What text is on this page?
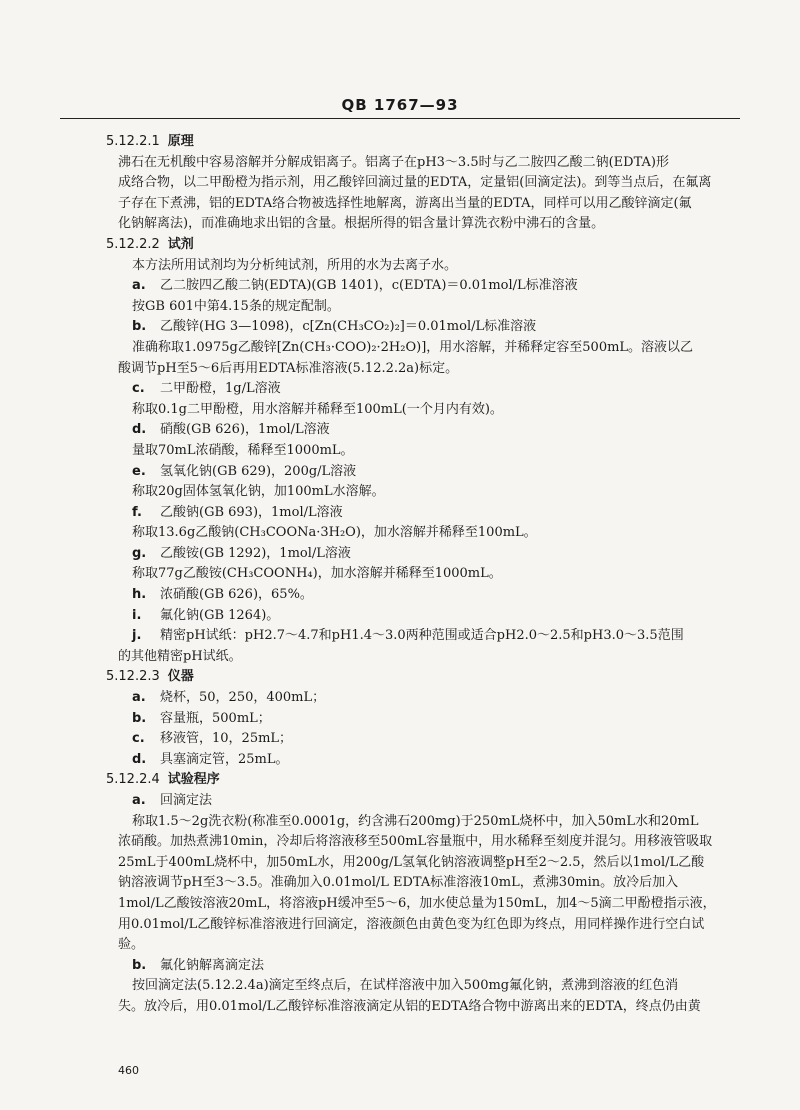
QB 1767—93
5.12.2.1 原理
沸石在无机酸中容易溶解并分解成铝离子。铝离子在pH3～3.5时与乙二胺四乙酸二钠(EDTA)形
成络合物，以二甲酚橙为指示剂，用乙酸锌回滴过量的EDTA，定量铝(回滴定法)。到等当点后，在氟离
子存在下煮沸，铝的EDTA络合物被选择性地解离，游离出当量的EDTA，同样可以用乙酸锌滴定(氟
化钠解离法)，而准确地求出铝的含量。根据所得的铝含量计算洗衣粉中沸石的含量。
5.12.2.2 试剂
本方法所用试剂均为分析纯试剂，所用的水为去离子水。
a. 乙二胺四乙酸二钠(EDTA)(GB 1401)，c(EDTA)＝0.01mol/L标准溶液
按GB 601中第4.15条的规定配制。
b. 乙酸锌(HG 3—1098)，c[Zn(CH₃CO₂)₂]＝0.01mol/L标准溶液
准确称取1.0975g乙酸锌[Zn(CH₃·COO)₂·2H₂O)]，用水溶解，并稀释定容至500mL。溶液以乙
酸调节pH至5～6后再用EDTA标准溶液(5.12.2.2a)标定。
c. 二甲酚橙，1g/L溶液
称取0.1g二甲酚橙，用水溶解并稀释至100mL(一个月内有效)。
d. 硝酸(GB 626)，1mol/L溶液
量取70mL浓硝酸，稀释至1000mL。
e. 氢氧化钠(GB 629)，200g/L溶液
称取20g固体氢氧化钠，加100mL水溶解。
f. 乙酸钠(GB 693)，1mol/L溶液
称取13.6g乙酸钠(CH₃COONa·3H₂O)，加水溶解并稀释至100mL。
g. 乙酸铵(GB 1292)，1mol/L溶液
称取77g乙酸铵(CH₃COONH₄)，加水溶解并稀释至1000mL。
h. 浓硝酸(GB 626)，65%。
i. 氟化钠(GB 1264)。
j. 精密pH试纸：pH2.7～4.7和pH1.4～3.0两种范围或适合pH2.0～2.5和pH3.0～3.5范围
的其他精密pH试纸。
5.12.2.3 仪器
a. 烧杯，50，250，400mL；
b. 容量瓶，500mL；
c. 移液管，10，25mL；
d. 具塞滴定管，25mL。
5.12.2.4 试验程序
a. 回滴定法
称取1.5～2g洗衣粉(称准至0.0001g，约含沸石200mg)于250mL烧杯中，加入50mL水和20mL
浓硝酸。加热煮沸10min，冷却后将溶液移至500mL容量瓶中，用水稀释至刻度并混匀。用移液管吸取
25mL于400mL烧杯中，加50mL水，用200g/L氢氧化钠溶液调整pH至2～2.5，然后以1mol/L乙酸
钠溶液调节pH至3～3.5。准确加入0.01mol/L EDTA标准溶液10mL，煮沸30min。放冷后加入
1mol/L乙酸铵溶液20mL，将溶液pH缓冲至5～6，加水使总量为150mL，加4～5滴二甲酚橙指示液，
用0.01mol/L乙酸锌标准溶液进行回滴定，溶液颜色由黄色变为红色即为终点，用同样操作进行空白试
验。
b. 氟化钠解离滴定法
按回滴定法(5.12.2.4a)滴定至终点后，在试样溶液中加入500mg氟化钠，煮沸到溶液的红色消
失。放冷后，用0.01mol/L乙酸锌标准溶液滴定从铝的EDTA络合物中游离出来的EDTA，终点仍由黄
460
